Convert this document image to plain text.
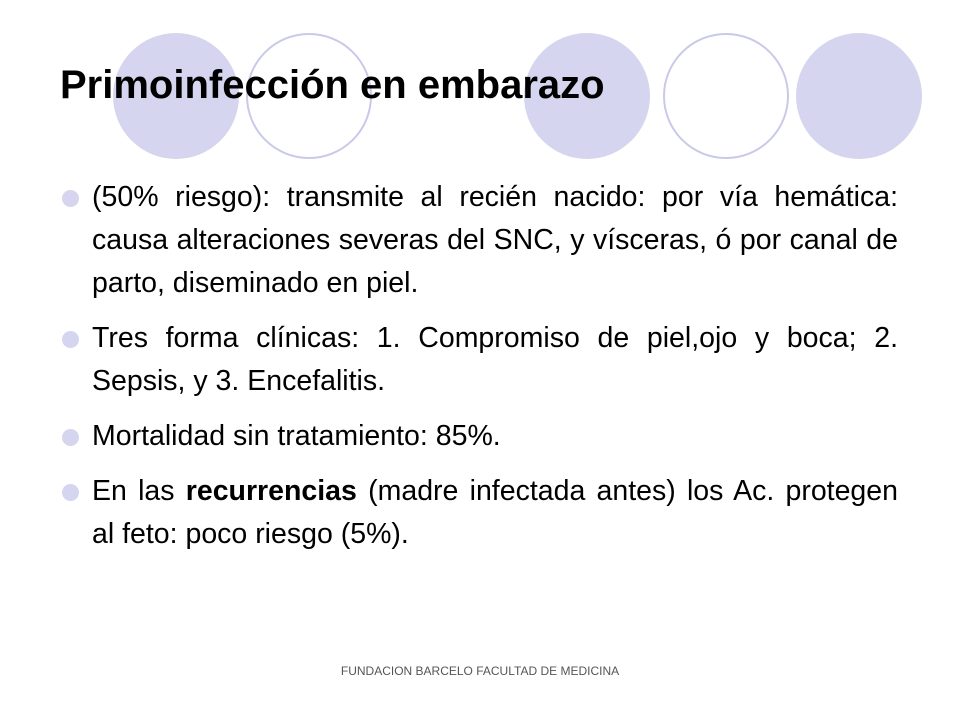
Primoinfección en embarazo
(50% riesgo): transmite al recién nacido: por vía hemática: causa alteraciones severas del SNC, y vísceras, ó por canal de parto, diseminado en piel.
Tres forma clínicas: 1. Compromiso de piel,ojo y boca; 2. Sepsis, y 3. Encefalitis.
Mortalidad sin tratamiento: 85%.
En las recurrencias (madre infectada antes) los Ac. protegen al feto: poco riesgo (5%).
FUNDACION BARCELO FACULTAD DE MEDICINA
